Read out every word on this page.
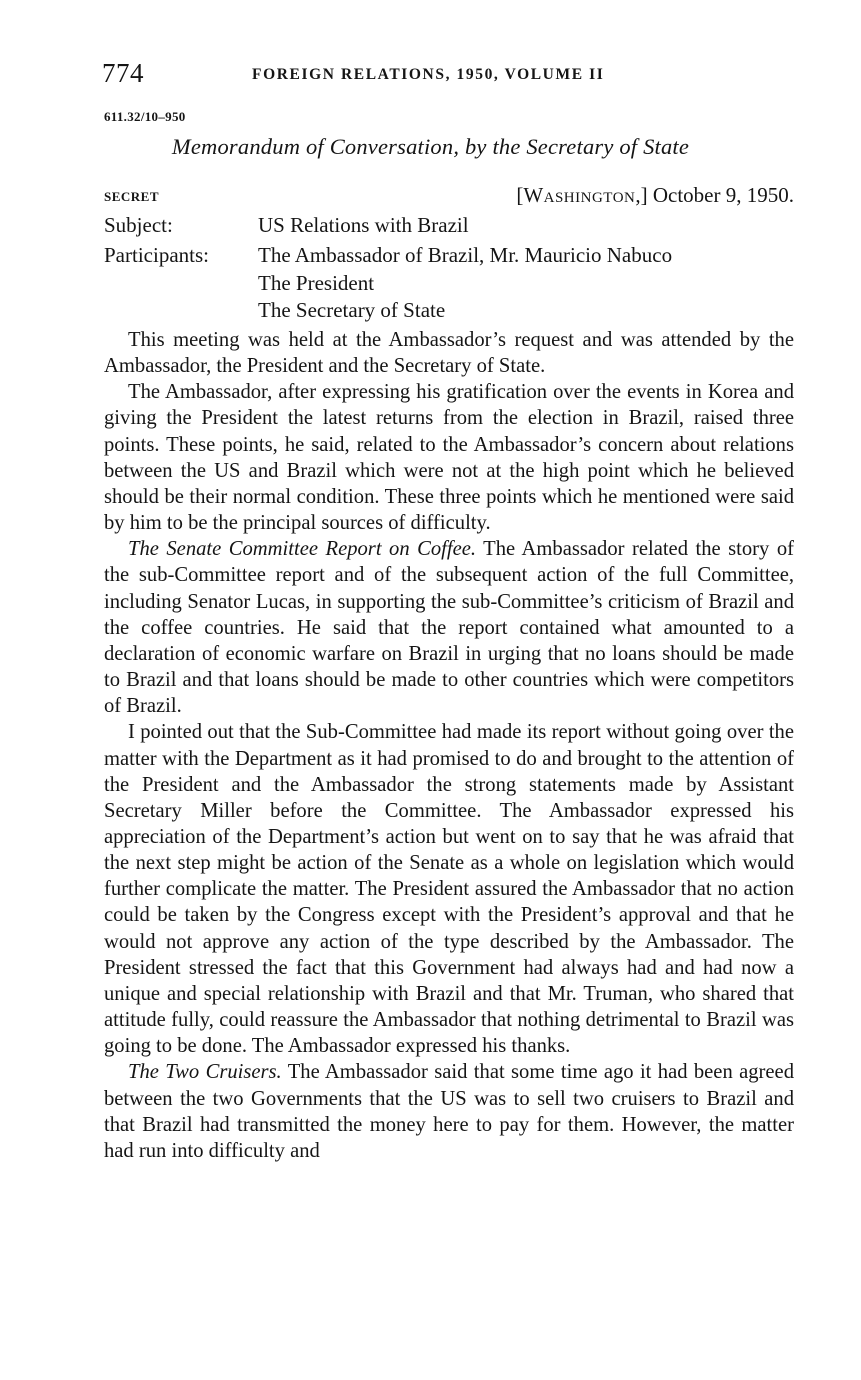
774	FOREIGN RELATIONS, 1950, VOLUME II
611.32/10–950
Memorandum of Conversation, by the Secretary of State
SECRET	[Washington,] October 9, 1950.
Subject:	US Relations with Brazil
Participants: The Ambassador of Brazil, Mr. Mauricio Nabuco
The President
The Secretary of State

This meeting was held at the Ambassador’s request and was attended by the Ambassador, the President and the Secretary of State.

The Ambassador, after expressing his gratification over the events in Korea and giving the President the latest returns from the election in Brazil, raised three points. These points, he said, related to the Ambassador’s concern about relations between the US and Brazil which were not at the high point which he believed should be their normal condition. These three points which he mentioned were said by him to be the principal sources of difficulty.

The Senate Committee Report on Coffee. The Ambassador related the story of the sub-Committee report and of the subsequent action of the full Committee, including Senator Lucas, in supporting the sub-Committee’s criticism of Brazil and the coffee countries. He said that the report contained what amounted to a declaration of economic warfare on Brazil in urging that no loans should be made to Brazil and that loans should be made to other countries which were competitors of Brazil.

I pointed out that the Sub-Committee had made its report without going over the matter with the Department as it had promised to do and brought to the attention of the President and the Ambassador the strong statements made by Assistant Secretary Miller before the Committee. The Ambassador expressed his appreciation of the Department’s action but went on to say that he was afraid that the next step might be action of the Senate as a whole on legislation which would further complicate the matter. The President assured the Ambassador that no action could be taken by the Congress except with the President’s approval and that he would not approve any action of the type described by the Ambassador. The President stressed the fact that this Government had always had and had now a unique and special relationship with Brazil and that Mr. Truman, who shared that attitude fully, could reassure the Ambassador that nothing detrimental to Brazil was going to be done. The Ambassador expressed his thanks.

The Two Cruisers. The Ambassador said that some time ago it had been agreed between the two Governments that the US was to sell two cruisers to Brazil and that Brazil had transmitted the money here to pay for them. However, the matter had run into difficulty and
